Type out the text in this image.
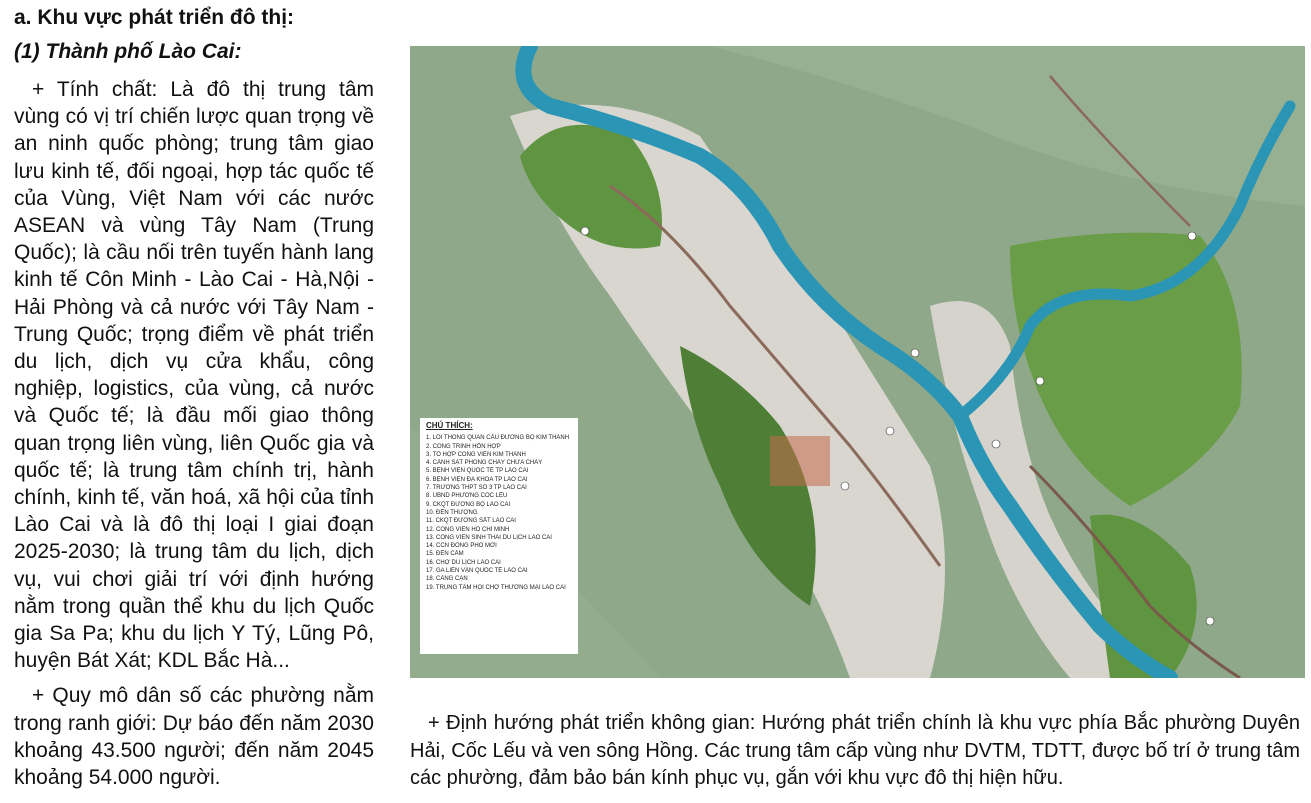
a. Khu vực phát triển đô thị:
(1) Thành phố Lào Cai:

+ Tính chất: Là đô thị trung tâm vùng có vị trí chiến lược quan trọng về an ninh quốc phòng; trung tâm giao lưu kinh tế, đối ngoại, hợp tác quốc tế của Vùng, Việt Nam với các nước ASEAN và vùng Tây Nam (Trung Quốc); là cầu nối trên tuyến hành lang kinh tế Côn Minh - Lào Cai - Hà,Nội - Hải Phòng và cả nước với Tây Nam - Trung Quốc; trọng điểm về phát triển du lịch, dịch vụ cửa khẩu, công nghiệp, logistics, của vùng, cả nước và Quốc tế; là đầu mối giao thông quan trọng liên vùng, liên Quốc gia và quốc tế; là trung tâm chính trị, hành chính, kinh tế, văn hoá, xã hội của tỉnh Lào Cai và là đô thị loại I giai đoạn 2025-2030; là trung tâm du lịch, dịch vụ, vui chơi giải trí với định hướng nằm trong quần thể khu du lịch Quốc gia Sa Pa; khu du lịch Y Tý, Lũng Pô, huyện Bát Xát; KDL Bắc Hà...

+ Quy mô dân số các phường nằm trong ranh giới: Dự báo đến năm 2030 khoảng 43.500 người; đến năm 2045 khoảng 54.000 người.

CHÚ THÍCH:
1. LỐI THÔNG QUAN CẦU ĐƯỜNG BỘ KIM THÀNH
2. CÔNG TRÌNH HỖN HỢP
3. TỔ HỢP CÔNG VIÊN KIM THÀNH
4. CẢNH SÁT PHÒNG CHÁY CHỮA CHÁY
5. BỆNH VIỆN QUỐC TẾ TP LÀO CAI
6. BỆNH VIỆN ĐA KHOA TP LÀO CAI
7. TRƯỜNG THPT SỐ 3 TP LÀO CAI
8. UBND PHƯỜNG CỐC LẾU
9. CKQT ĐƯỜNG BỘ LÀO CAI
10. ĐỀN THƯỢNG
11. CKQT ĐƯỜNG SẮT LÀO CAI
12. CÔNG VIÊN HỒ CHÍ MINH
13. CÔNG VIÊN SINH THÁI DU LỊCH LÀO CAI
14. CCN ĐÔNG PHỐ MỚI
15. ĐỀN CẤM
16. CHỢ DU LỊCH LÀO CAI
17. GA LIÊN VẬN QUỐC TẾ LÀO CAI
18. CẢNG CẠN
19. TRUNG TÂM HỘI CHỢ THƯƠNG MẠI LÀO CAI

+ Định hướng phát triển không gian: Hướng phát triển chính là khu vực phía Bắc phường Duyên Hải, Cốc Lếu và ven sông Hồng. Các trung tâm cấp vùng như DVTM, TDTT, được bố trí ở trung tâm các phường, đảm bảo bán kính phục vụ, gắn với khu vực đô thị hiện hữu.
